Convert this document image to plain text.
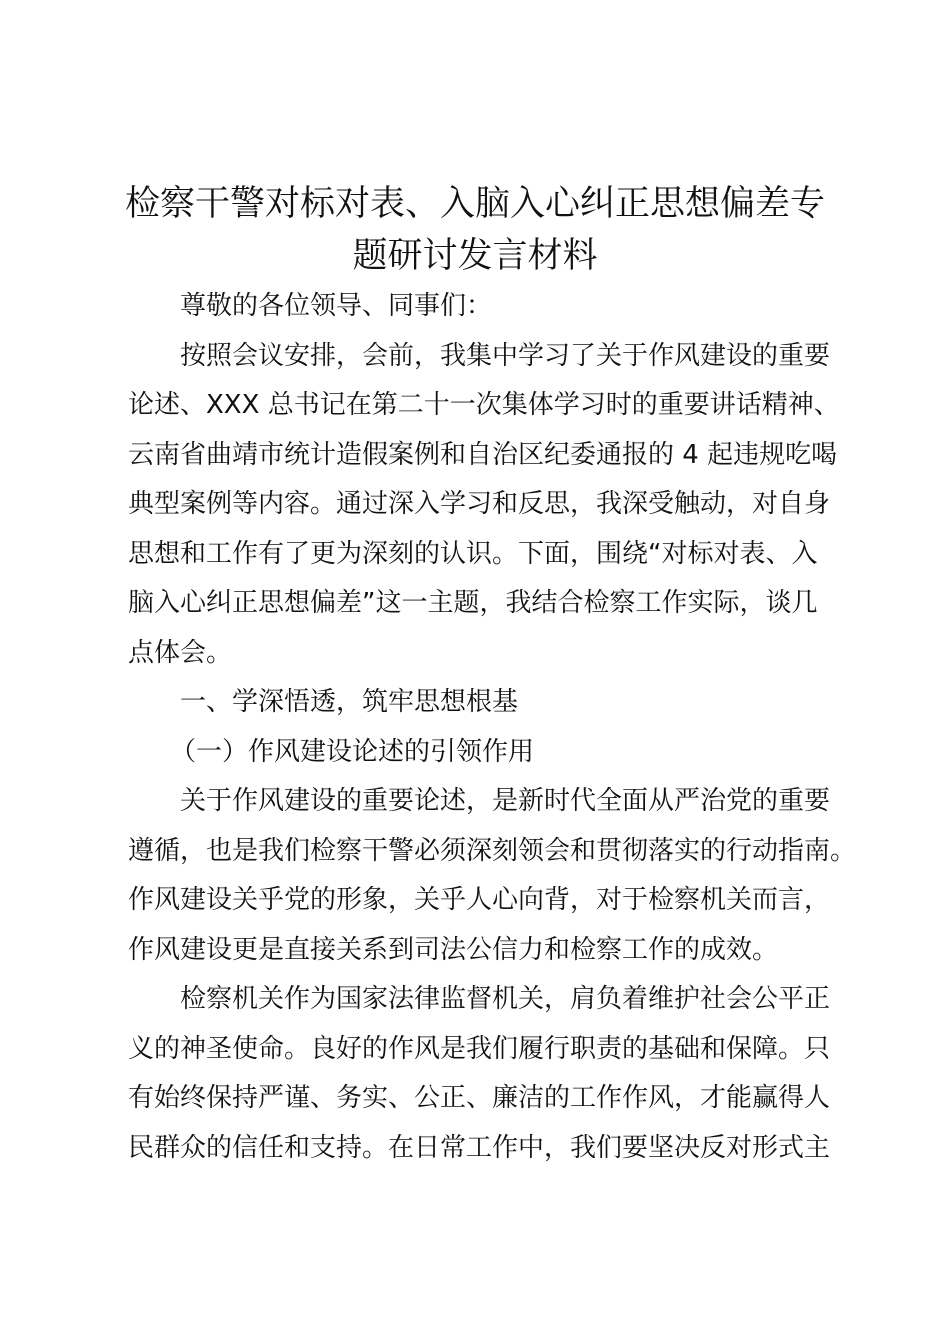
检察干警对标对表、入脑入心纠正思想偏差专
题研讨发言材料
尊敬的各位领导、同事们：
按照会议安排，会前，我集中学习了关于作风建设的重要
论述、XXX 总书记在第二十一次集体学习时的重要讲话精神、
云南省曲靖市统计造假案例和自治区纪委通报的 4 起违规吃喝
典型案例等内容。通过深入学习和反思，我深受触动，对自身
思想和工作有了更为深刻的认识。下面，围绕“对标对表、入
脑入心纠正思想偏差”这一主题，我结合检察工作实际，谈几
点体会。
一、学深悟透，筑牢思想根基
（一）作风建设论述的引领作用
关于作风建设的重要论述，是新时代全面从严治党的重要
遵循，也是我们检察干警必须深刻领会和贯彻落实的行动指南。
作风建设关乎党的形象，关乎人心向背，对于检察机关而言，
作风建设更是直接关系到司法公信力和检察工作的成效。
检察机关作为国家法律监督机关，肩负着维护社会公平正
义的神圣使命。良好的作风是我们履行职责的基础和保障。只
有始终保持严谨、务实、公正、廉洁的工作作风，才能赢得人
民群众的信任和支持。在日常工作中，我们要坚决反对形式主
